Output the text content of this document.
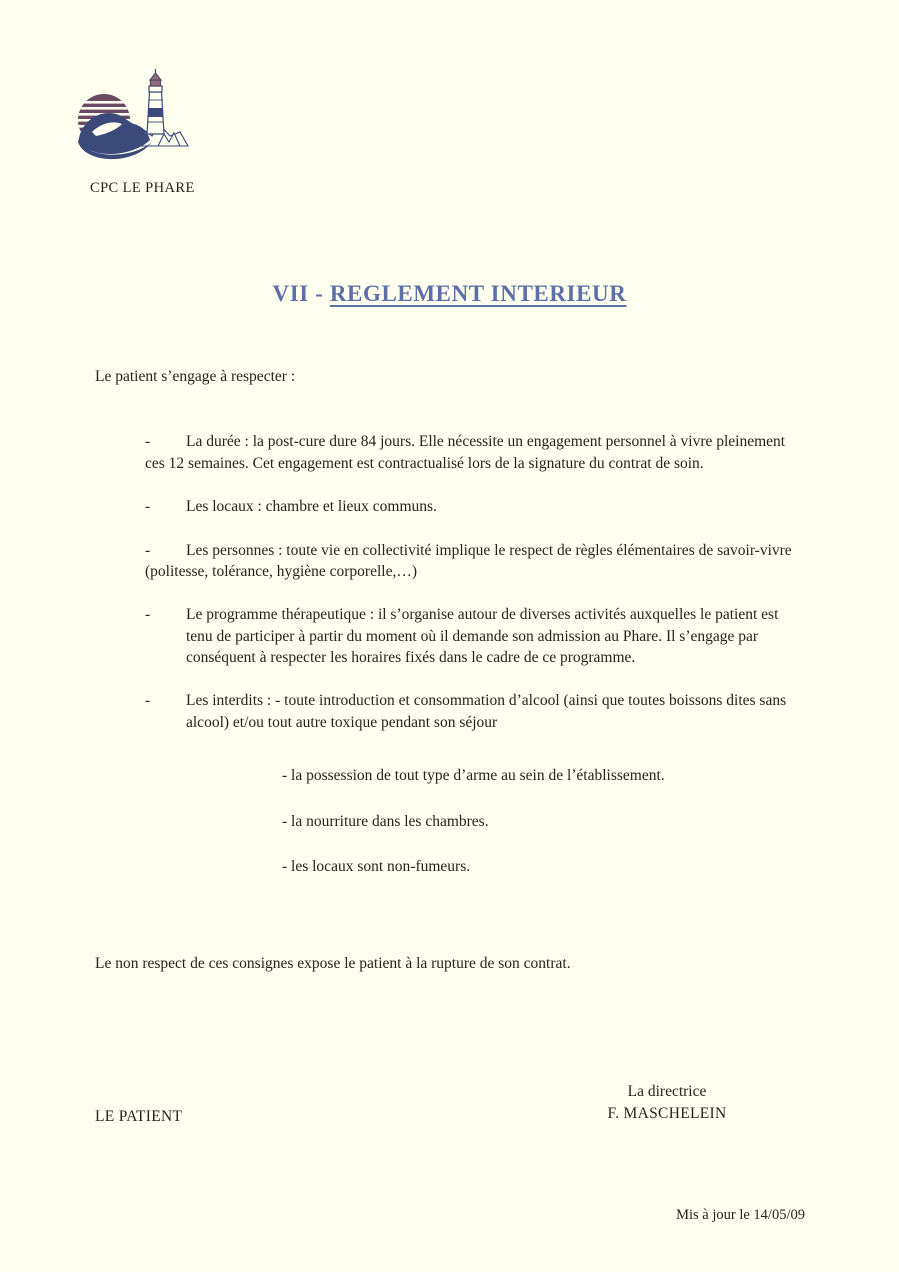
CPC LE PHARE
VII - REGLEMENT INTERIEUR

Le patient s’engage à respecter :

-	La durée : la post-cure dure 84 jours. Elle nécessite un engagement personnel à vivre pleinement ces 12 semaines. Cet engagement est contractualisé lors de la signature du contrat de soin.
-	Les locaux : chambre et lieux communs.
-	Les personnes : toute vie en collectivité implique le respect de règles élémentaires de savoir-vivre (politesse, tolérance, hygiène corporelle,…)
-	Le programme thérapeutique : il s’organise autour de diverses activités auxquelles le patient est tenu de participer à partir du moment où il demande son admission au Phare. Il s’engage par conséquent à respecter les horaires fixés dans le cadre de ce programme.
-	Les interdits : - toute introduction et consommation d’alcool (ainsi que toutes boissons dites sans alcool) et/ou tout autre toxique pendant son séjour
- la possession de tout type d’arme au sein de l’établissement.
- la nourriture dans les chambres.
- les locaux sont non-fumeurs.

Le non respect de ces consignes expose le patient à la rupture de son contrat.

LE PATIENT
La directrice
F. MASCHELEIN
Mis à jour le 14/05/09
